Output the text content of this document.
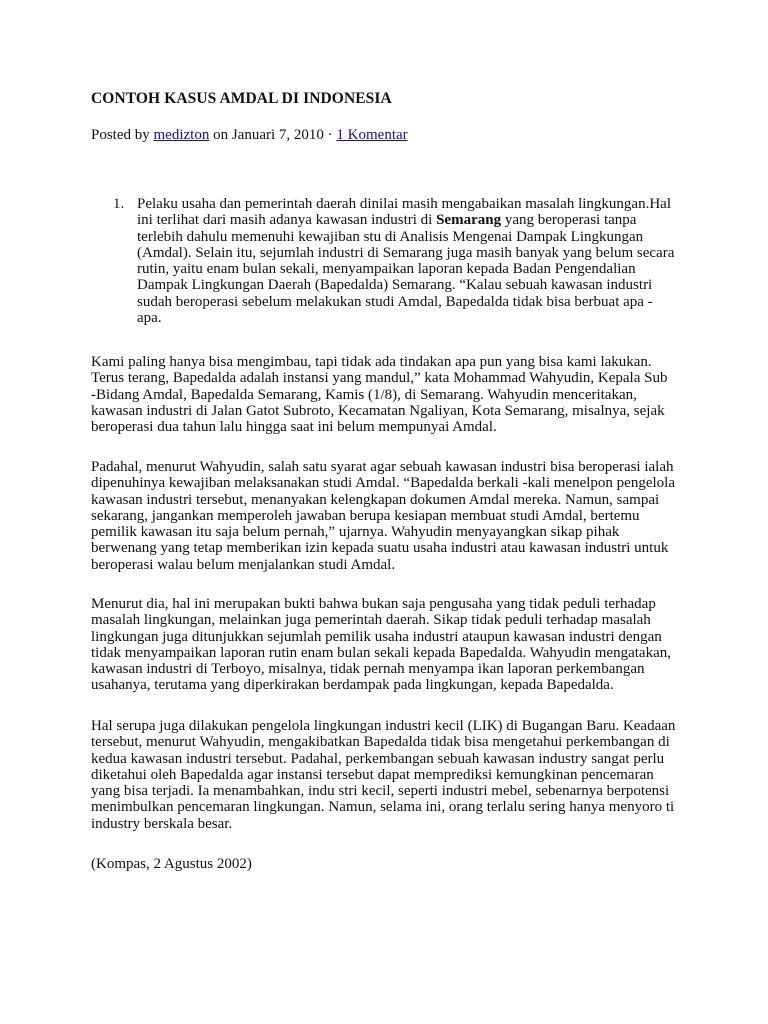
CONTOH KASUS AMDAL DI INDONESIA

Posted by medizton on Januari 7, 2010 · 1 Komentar

1. Pelaku usaha dan pemerintah daerah dinilai masih mengabaikan masalah lingkungan.Hal
ini terlihat dari masih adanya kawasan industri di Semarang yang beroperasi tanpa
terlebih dahulu memenuhi kewajiban stu di Analisis Mengenai Dampak Lingkungan
(Amdal). Selain itu, sejumlah industri di Semarang juga masih banyak yang belum secara
rutin, yaitu enam bulan sekali, menyampaikan laporan kepada Badan Pengendalian
Dampak Lingkungan Daerah (Bapedalda) Semarang. “Kalau sebuah kawasan industri
sudah beroperasi sebelum melakukan studi Amdal, Bapedalda tidak bisa berbuat apa -
apa.

Kami paling hanya bisa mengimbau, tapi tidak ada tindakan apa pun yang bisa kami lakukan.
Terus terang, Bapedalda adalah instansi yang mandul,” kata Mohammad Wahyudin, Kepala Sub
-Bidang Amdal, Bapedalda Semarang, Kamis (1/8), di Semarang. Wahyudin menceritakan,
kawasan industri di Jalan Gatot Subroto, Kecamatan Ngaliyan, Kota Semarang, misalnya, sejak
beroperasi dua tahun lalu hingga saat ini belum mempunyai Amdal.

Padahal, menurut Wahyudin, salah satu syarat agar sebuah kawasan industri bisa beroperasi ialah
dipenuhinya kewajiban melaksanakan studi Amdal. “Bapedalda berkali -kali menelpon pengelola
kawasan industri tersebut, menanyakan kelengkapan dokumen Amdal mereka. Namun, sampai
sekarang, jangankan memperoleh jawaban berupa kesiapan membuat studi Amdal, bertemu
pemilik kawasan itu saja belum pernah,” ujarnya. Wahyudin menyayangkan sikap pihak
berwenang yang tetap memberikan izin kepada suatu usaha industri atau kawasan industri untuk
beroperasi walau belum menjalankan studi Amdal.

Menurut dia, hal ini merupakan bukti bahwa bukan saja pengusaha yang tidak peduli terhadap
masalah lingkungan, melainkan juga pemerintah daerah. Sikap tidak peduli terhadap masalah
lingkungan juga ditunjukkan sejumlah pemilik usaha industri ataupun kawasan industri dengan
tidak menyampaikan laporan rutin enam bulan sekali kepada Bapedalda. Wahyudin mengatakan,
kawasan industri di Terboyo, misalnya, tidak pernah menyampa ikan laporan perkembangan
usahanya, terutama yang diperkirakan berdampak pada lingkungan, kepada Bapedalda.

Hal serupa juga dilakukan pengelola lingkungan industri kecil (LIK) di Bugangan Baru. Keadaan
tersebut, menurut Wahyudin, mengakibatkan Bapedalda tidak bisa mengetahui perkembangan di
kedua kawasan industri tersebut. Padahal, perkembangan sebuah kawasan industry sangat perlu
diketahui oleh Bapedalda agar instansi tersebut dapat memprediksi kemungkinan pencemaran
yang bisa terjadi. Ia menambahkan, indu stri kecil, seperti industri mebel, sebenarnya berpotensi
menimbulkan pencemaran lingkungan. Namun, selama ini, orang terlalu sering hanya menyoro ti
industry berskala besar.

(Kompas, 2 Agustus 2002)
